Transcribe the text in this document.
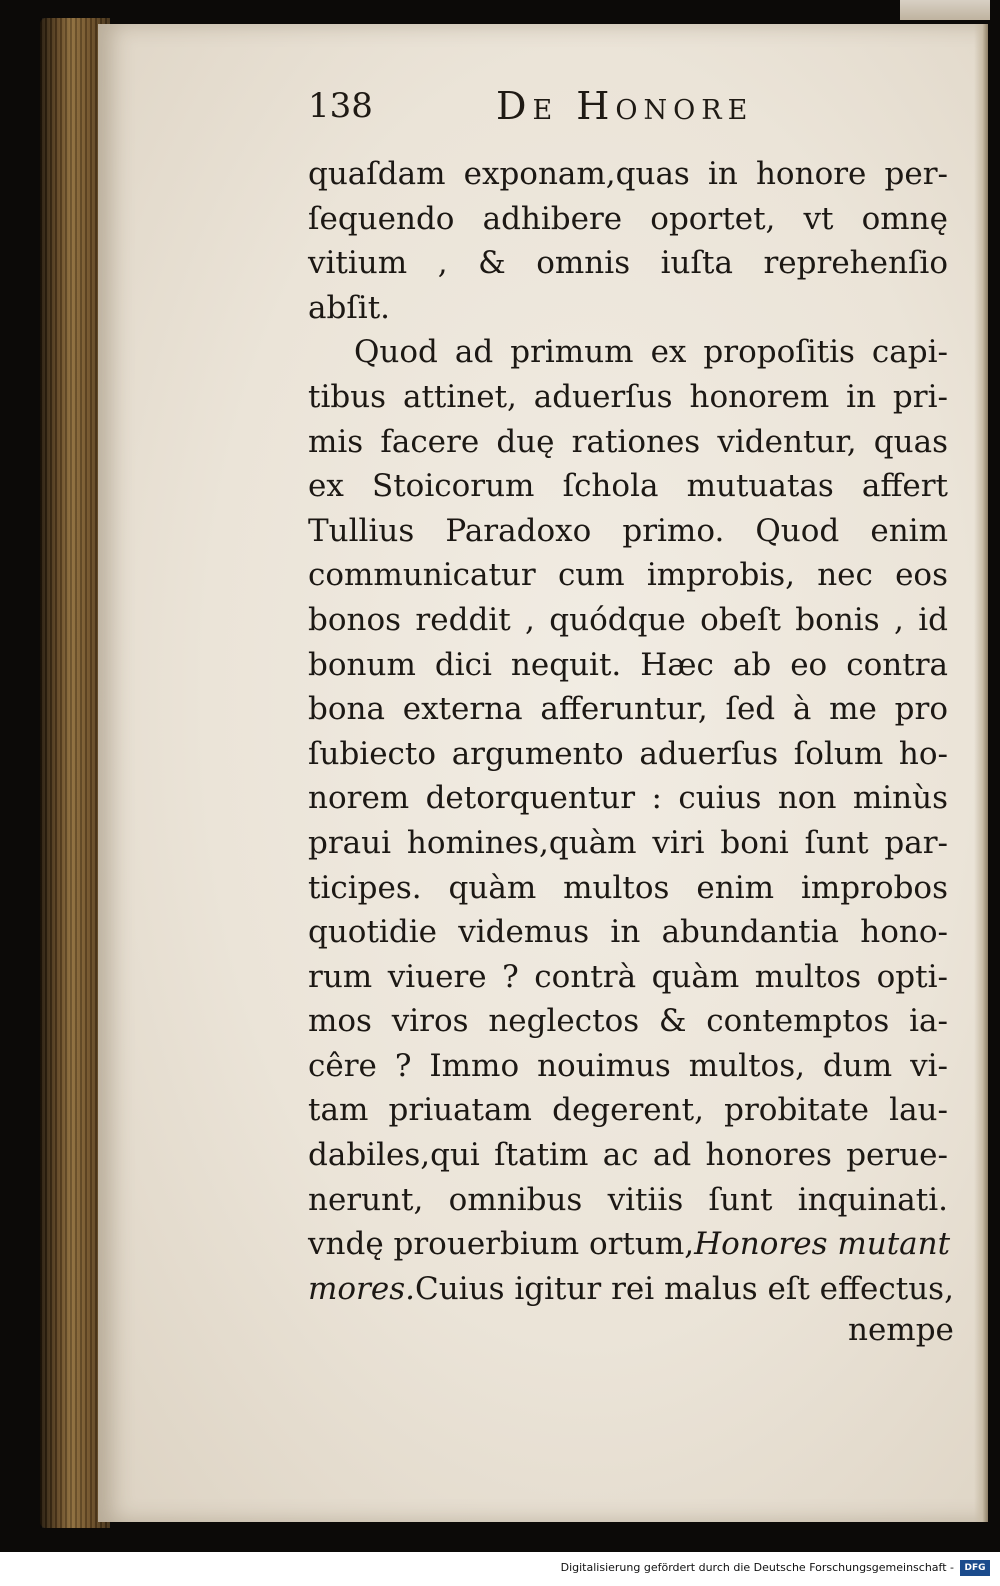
138	De Honore
quaſdam exponam,quas in honore per-
ſequendo adhibere oportet, vt omnę
vitium , & omnis iuſta reprehenſio
abſit.
Quod ad primum ex propoſitis capi-
tibus attinet, aduerſus honorem in pri-
mis facere duę rationes videntur, quas
ex Stoicorum ſchola mutuatas affert
Tullius Paradoxo primo. Quod enim
communicatur cum improbis, nec eos
bonos reddit , quódque obeſt bonis , id
bonum dici nequit. Hæc ab eo contra
bona externa afferuntur, ſed à me pro
ſubiecto argumento aduerſus ſolum ho-
norem detorquentur : cuius non minùs
praui homines,quàm viri boni ſunt par-
ticipes. quàm multos enim improbos
quotidie videmus in abundantia hono-
rum viuere ? contrà quàm multos opti-
mos viros neglectos & contemptos ia-
cêre ? Immo nouimus multos, dum vi-
tam priuatam degerent, probitate lau-
dabiles,qui ſtatim ac ad honores perue-
nerunt, omnibus vitiis ſunt inquinati.
vndę prouerbium ortum,Honores mutant
mores.Cuius igitur rei malus eſt effectus,
nempe
Digitalisierung gefördert durch die Deutsche Forschungsgemeinschaft -	DFG
